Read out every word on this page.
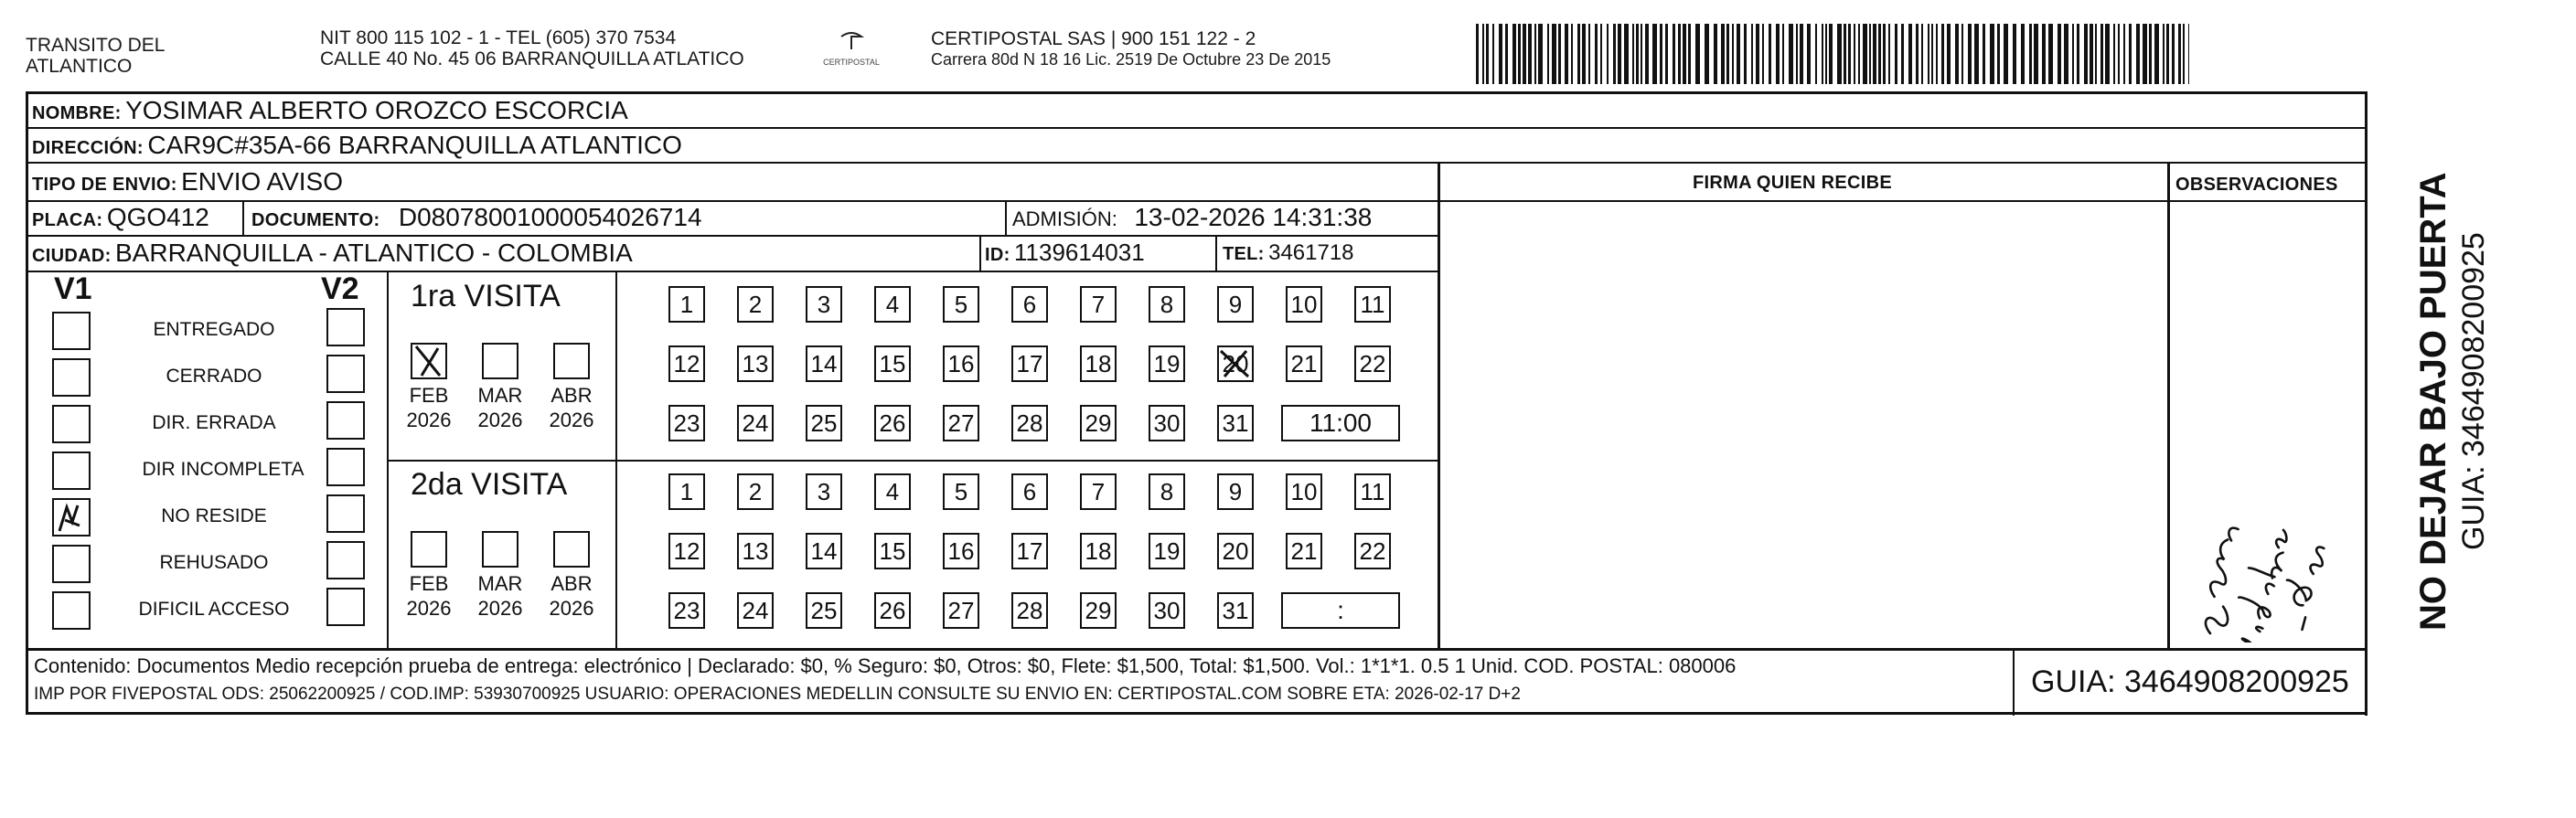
TRANSITO DEL
ATLANTICO
NIT 800 115 102 - 1 - TEL (605) 370 7534
CALLE 40 No. 45 06 BARRANQUILLA ATLATICO	CERTIPOSTAL
CERTIPOSTAL SAS | 900 151 122 - 2
Carrera 80d N 18 16 Lic. 2519 De Octubre 23 De 2015
NOMBRE: YOSIMAR ALBERTO OROZCO ESCORCIA
DIRECCIÓN: CAR9C#35A-66 BARRANQUILLA ATLANTICO
TIPO DE ENVIO: ENVIO AVISO	FIRMA QUIEN RECIBE	OBSERVACIONES
PLACA: QGO412 DOCUMENTO: D08078001000054026714	ADMISIÓN: 13-02-2026 14:31:38
CIUDAD: BARRANQUILLA - ATLANTICO - COLOMBIA	ID: 1139614031	TEL: 3461718
V1	V2 1ra VISITA
2da VISITA
Contenido: Documentos Medio recepción prueba de entrega: electrónico | Declarado: $0, % Seguro: $0, Otros: $0, Flete: $1,500, Total: $1,500. Vol.: 1*1*1. 0.5 1 Unid. COD. POSTAL: 080006
IMP POR FIVEPOSTAL ODS: 25062200925 / COD.IMP: 53930700925 USUARIO: OPERACIONES MEDELLIN CONSULTE SU ENVIO EN: CERTIPOSTAL.COM SOBRE ETA: 2026-02-17 D+2	GUIA: 3464908200925
ENTREGADO
CERRADO
DIR. ERRADA
DIR INCOMPLETA
NO RESIDE
REHUSADO
DIFICIL ACCESO
FEB
2026
MAR
2026
ABR
2026
1 2 3 4 5 6 7 8 9 10 11
12 13 14 15 16 17 18 19 20 21 22
23 24 25 26 27 28 29 30 31	11:00
FEB
2026
MAR
2026
ABR
2026
1 2 3 4 5 6 7 8 9 10 11
12 13 14 15 16 17 18 19 20 21 22
23 24 25 26 27 28 29 30 31	:	NO DEJAR BAJO PUERTA GUIA: 3464908200925
